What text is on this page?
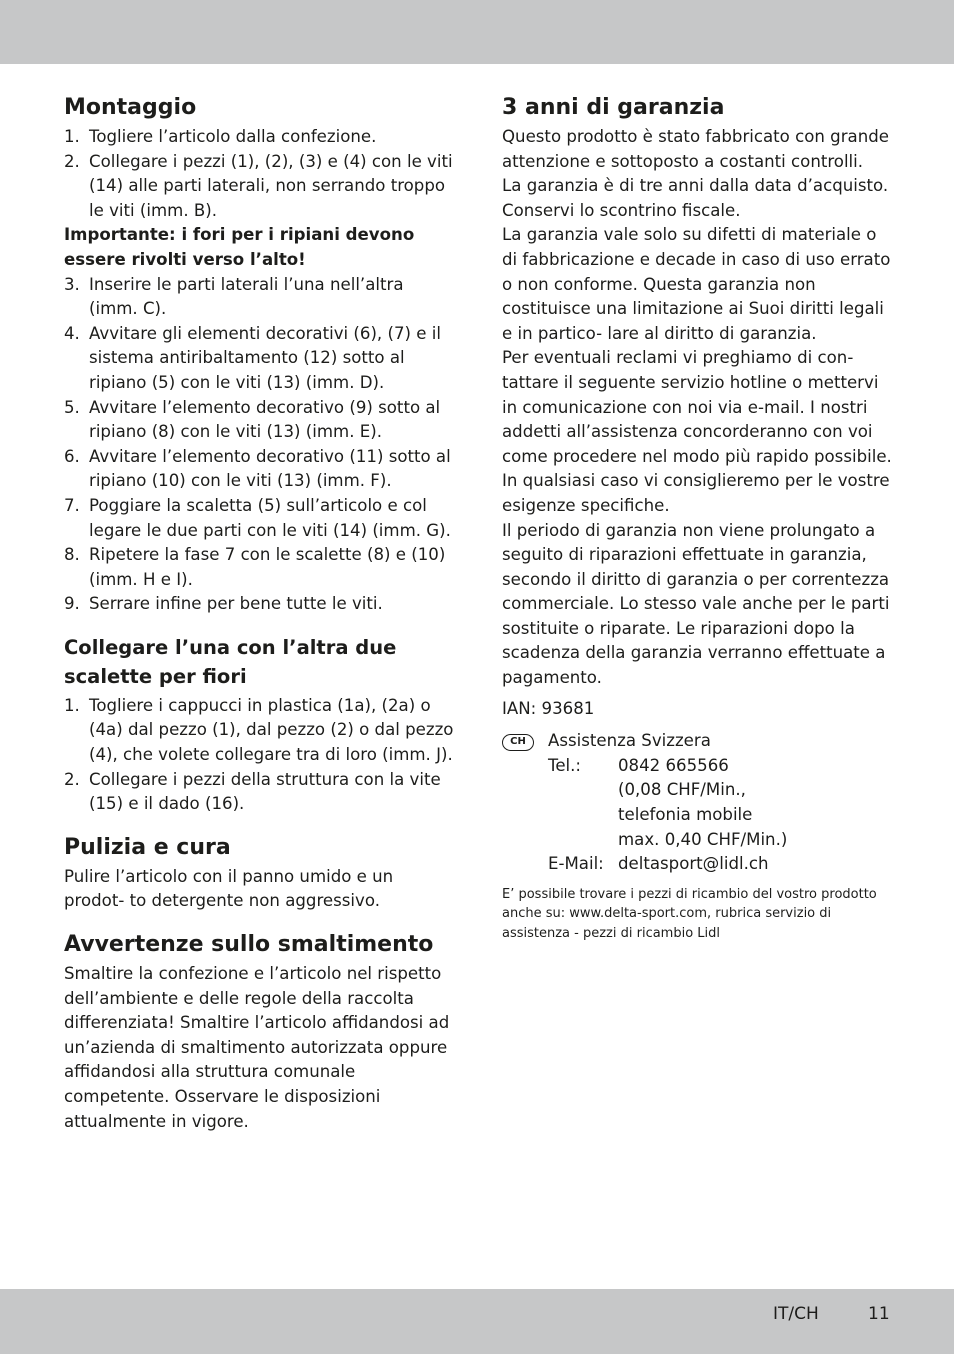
Montaggio
1. Togliere l’articolo dalla confezione.
2. Collegare i pezzi (1), (2), (3) e (4) con le viti (14) alle parti laterali, non serrando troppo le viti (imm. B).

Importante: i fori per i ripiani devono essere rivolti verso l’alto!

3. Inserire le parti laterali l’una nell’altra (imm. C).
4. Avvitare gli elementi decorativi (6), (7) e il sistema antiribaltamento (12) sotto al ripiano (5) con le viti (13) (imm. D).
5. Avvitare l’elemento decorativo (9) sotto al ripiano (8) con le viti (13) (imm. E).
6. Avvitare l’elemento decorativo (11) sotto al ripiano (10) con le viti (13) (imm. F).
7. Poggiare la scaletta (5) sull’articolo e col legare le due parti con le viti (14) (imm. G).
8. Ripetere la fase 7 con le scalette (8) e (10) (imm. H e I).
9. Serrare infine per bene tutte le viti.
Collegare l’una con l’altra due scalette per fiori
1. Togliere i cappucci in plastica (1a), (2a) o (4a) dal pezzo (1), dal pezzo (2) o dal pezzo (4), che volete collegare tra di loro (imm. J).
2. Collegare i pezzi della struttura con la vite (15) e il dado (16).
Pulizia e cura

Pulire l’articolo con il panno umido e un prodot- to detergente non aggressivo.

Avvertenze sullo smaltimento

Smaltire la confezione e l’articolo nel rispetto dell’ambiente e delle regole della raccolta differenziata! Smaltire l’articolo affidandosi ad un’azienda di smaltimento autorizzata oppure affidandosi alla struttura comunale competente. Osservare le disposizioni attualmente in vigore.

3 anni di garanzia

Questo prodotto è stato fabbricato con grande attenzione e sottoposto a costanti controlli.

La garanzia è di tre anni dalla data d’acquisto. Conservi lo scontrino fiscale.

La garanzia vale solo su difetti di materiale o di fabbricazione e decade in caso di uso errato o non conforme. Questa garanzia non costituisce una limitazione ai Suoi diritti legali e in partico- lare al diritto di garanzia.

Per eventuali reclami vi preghiamo di con- tattare il seguente servizio hotline o mettervi in comunicazione con noi via e-mail. I nostri addetti all’assistenza concorderanno con voi come procedere nel modo più rapido possibile. In qualsiasi caso vi consiglieremo per le vostre esigenze specifiche.

Il periodo di garanzia non viene prolungato a seguito di riparazioni effettuate in garanzia, secondo il diritto di garanzia o per correntezza commerciale. Lo stesso vale anche per le parti sostituite o riparate. Le riparazioni dopo la scadenza della garanzia verranno effettuate a pagamento.

IAN: 93681

CH	Assistenza Svizzera
Tel.: 0842 665566
(0,08 CHF/Min.,
telefonia mobile
max. 0,40 CHF/Min.)
E-Mail: deltasport@lidl.ch

E’ possibile trovare i pezzi di ricambio del vostro prodotto anche su: www.delta-sport.com, rubrica servizio di assistenza - pezzi di ricambio Lidl

IT/CH	11
